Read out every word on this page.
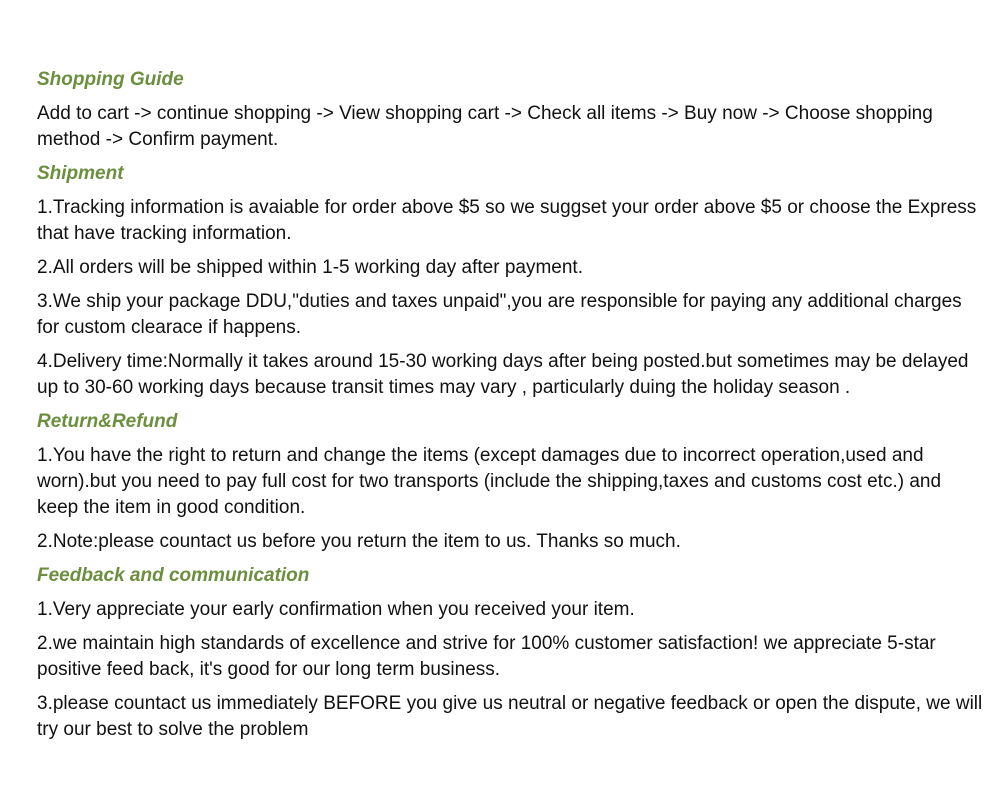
Shopping Guide
Add to cart -> continue shopping -> View shopping cart -> Check all items -> Buy now -> Choose shopping method -> Confirm payment.
Shipment
1.Tracking information is avaiable for order above $5 so we suggset your order above $5 or choose the Express that have tracking information.
2.All orders will be shipped within 1-5 working day after payment.
3.We ship your package DDU,"duties and taxes unpaid",you are responsible for paying any additional charges for custom clearace if happens.
4.Delivery time:Normally it takes around 15-30 working days after being posted.but sometimes may be delayed up to 30-60 working days because transit times may vary , particularly duing the holiday season .
Return&Refund
1.You have the right to return and change the items (except damages due to incorrect operation,used and worn).but you need to pay full cost for two transports (include the shipping,taxes and customs cost etc.) and keep the item in good condition.
2.Note:please countact us before you return the item to us. Thanks so much.
Feedback and communication
1.Very appreciate your early confirmation when you received your item.
2.we maintain high standards of excellence and strive for 100% customer satisfaction! we appreciate 5-star positive feed back, it's good for our long term business.
3.please countact us immediately BEFORE you give us neutral or negative feedback or open the dispute, we will try our best to solve the problem
